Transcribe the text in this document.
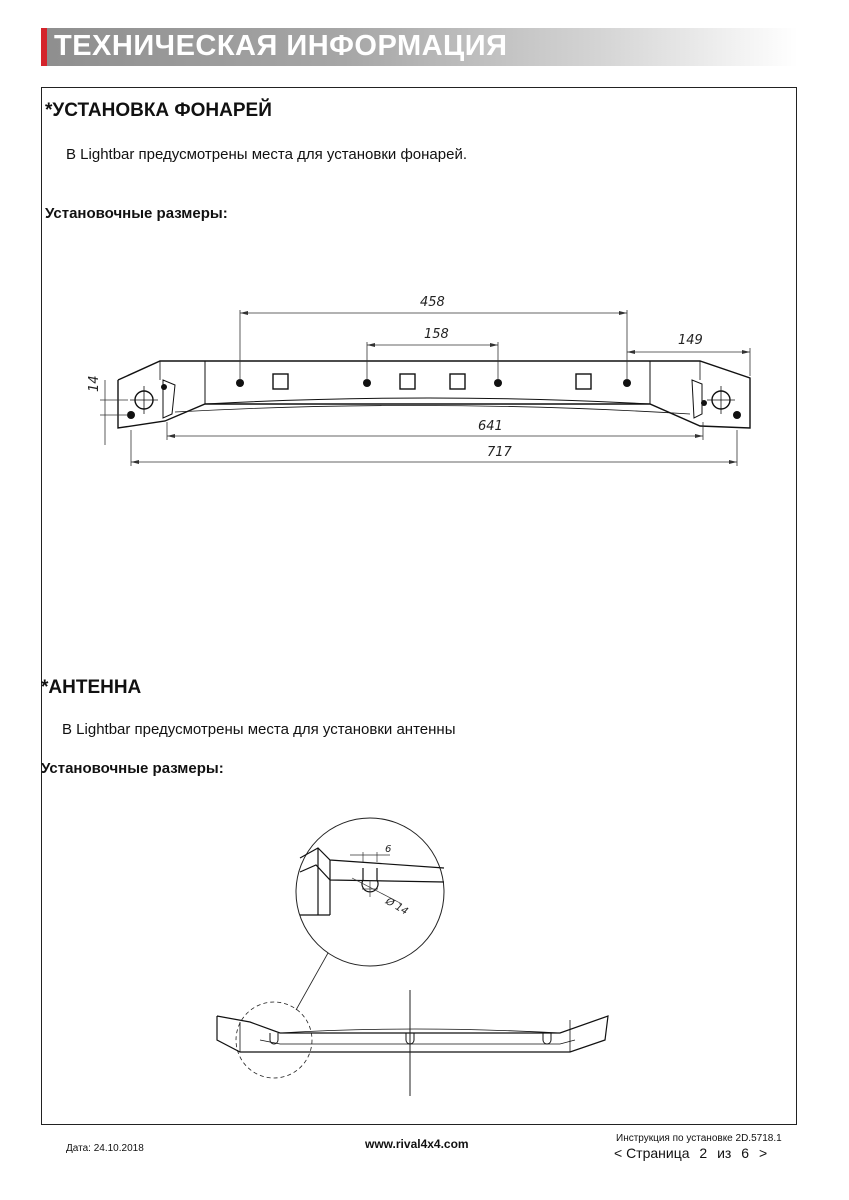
ТЕХНИЧЕСКАЯ ИНФОРМАЦИЯ
*УСТАНОВКА ФОНАРЕЙ
В Lightbar предусмотрены места для установки фонарей.
Установочные размеры:
458
158	149
14
641
717
*АНТЕННА
В Lightbar предусмотрены места для установки антенны
Установочные размеры:
6
Ø 14
Дата: 24.10.2018	www.rival4x4.com	Инструкция по установке 2D.5718.1
< Страница 2 из 6 >
